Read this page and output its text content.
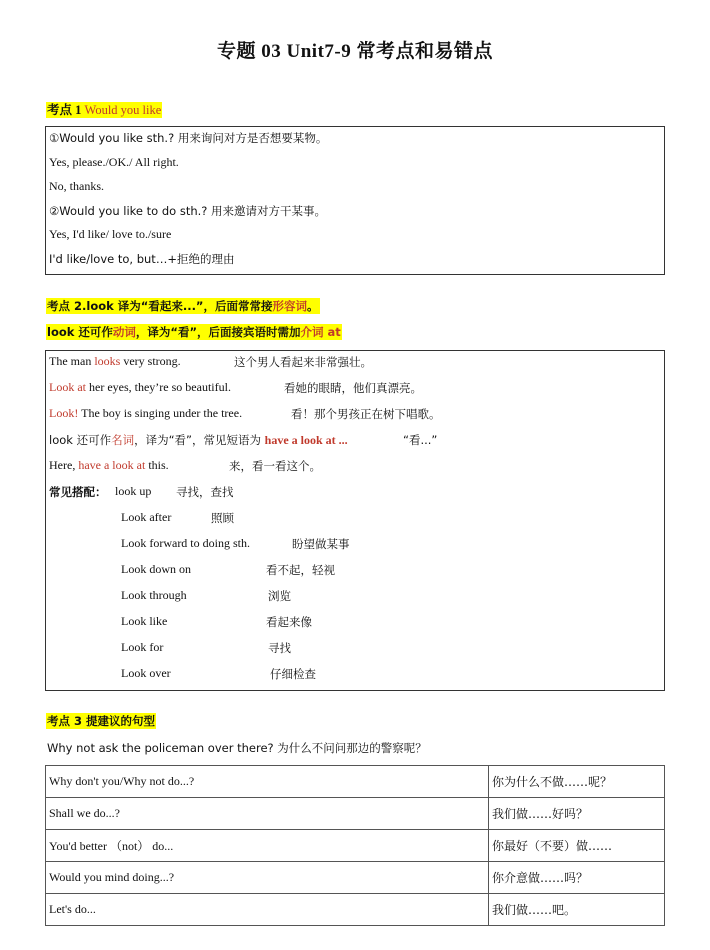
专题 03 Unit7-9 常考点和易错点
考点 1 Would you like
①Would you like sth.? 用来询问对方是否想要某物。
Yes, please./OK./ All right.
No, thanks.
②Would you like to do sth.? 用来邀请对方干某事。
Yes, I'd like/ love to./sure
I'd like/love to, but…+拒绝的理由
考点 2.look 译为“看起来...”，后面常常接形容词。
look 还可作动词，译为“看”，后面接宾语时需加介词 at
The man looks very strong.	这个男人看起来非常强壮。
Look at her eyes, they’re so beautiful.	看她的眼睛，他们真漂亮。
Look! The boy is singing under the tree.	看！那个男孩正在树下唱歌。
look 还可作名词，译为“看”，常见短语为 have a look at ...	“看...”
Here, have a look at this.	来，看一看这个。
常见搭配： look up 寻找，查找
Look after	照顾
Look forward to doing sth.	盼望做某事
Look down on	看不起，轻视
Look through	浏览
Look like	看起来像
Look for	寻找
Look over	仔细检查
考点 3 提建议的句型
Why not ask the policeman over there? 为什么不问问那边的警察呢？
Why don't you/Why not do...?	你为什么不做……呢？
Shall we do...?	我们做……好吗？
You'd better （not） do...	你最好（不要）做……
Would you mind doing...?	你介意做……吗？
Let's do...	我们做……吧。
